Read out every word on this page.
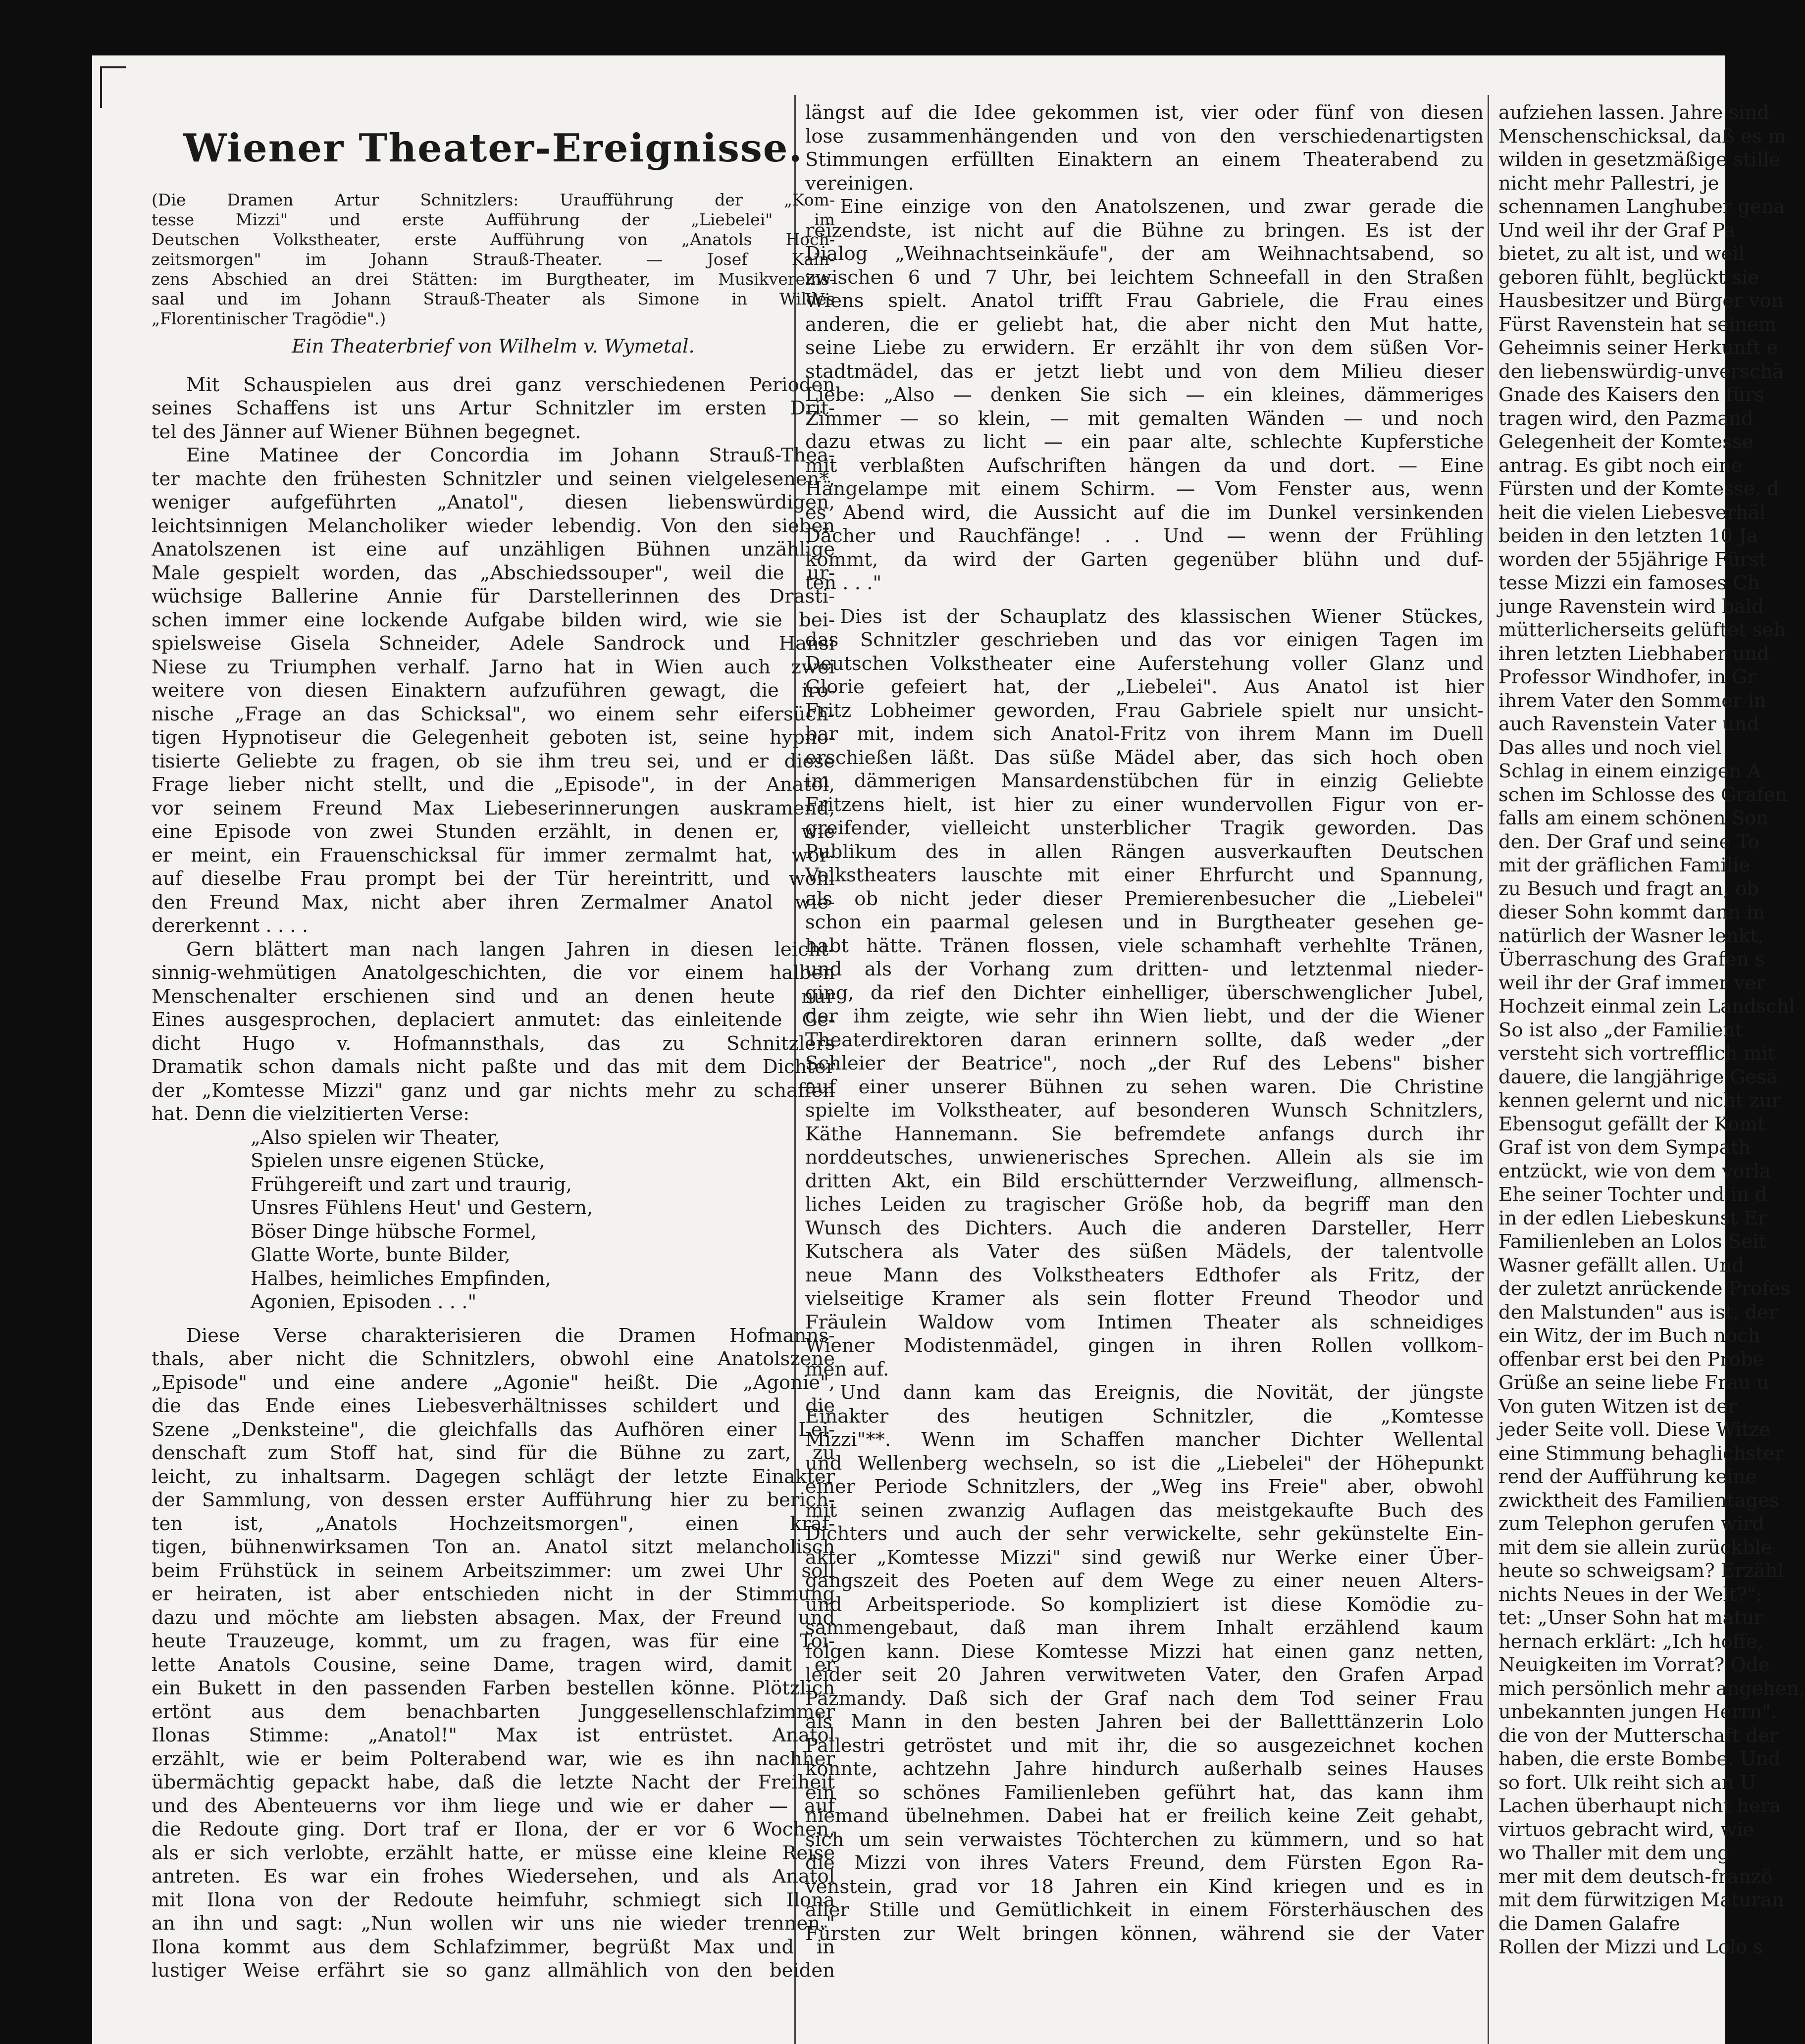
Wiener Theater-Ereignisse.
(Die Dramen Artur Schnitzlers: Uraufführung der „Kom-
tesse Mizzi" und erste Aufführung der „Liebelei" im
Deutschen Volkstheater, erste Aufführung von „Anatols Hoch-
zeitsmorgen" im Johann Strauß-Theater. — Josef Kain-
zens Abschied an drei Stätten: im Burgtheater, im Musikvereins-
saal und im Johann Strauß-Theater als Simone in Wildes
„Florentinischer Tragödie".)
Ein Theaterbrief von Wilhelm v. Wymetal.
Mit Schauspielen aus drei ganz verschiedenen Perioden
seines Schaffens ist uns Artur Schnitzler im ersten Drit-
tel des Jänner auf Wiener Bühnen begegnet.
Eine Matinee der Concordia im Johann Strauß-Thea-
ter machte den frühesten Schnitzler und seinen vielgelesenen*,
weniger aufgeführten „Anatol", diesen liebenswürdigen,
leichtsinnigen Melancholiker wieder lebendig. Von den sieben
Anatolszenen ist eine auf unzähligen Bühnen unzählige
Male gespielt worden, das „Abschiedssouper", weil die ur-
wüchsige Ballerine Annie für Darstellerinnen des Drasti-
schen immer eine lockende Aufgabe bilden wird, wie sie bei-
spielsweise Gisela Schneider, Adele Sandrock und Hansi
Niese zu Triumphen verhalf. Jarno hat in Wien auch zwei
weitere von diesen Einaktern aufzuführen gewagt, die iro-
nische „Frage an das Schicksal", wo einem sehr eifersüch-
tigen Hypnotiseur die Gelegenheit geboten ist, seine hypno-
tisierte Geliebte zu fragen, ob sie ihm treu sei, und er diese
Frage lieber nicht stellt, und die „Episode", in der Anatol,
vor seinem Freund Max Liebeserinnerungen auskramend,
eine Episode von zwei Stunden erzählt, in denen er, wie
er meint, ein Frauenschicksal für immer zermalmt hat, wor-
auf dieselbe Frau prompt bei der Tür hereintritt, und wohl
den Freund Max, nicht aber ihren Zermalmer Anatol wie-
dererkennt . . . .
Gern blättert man nach langen Jahren in diesen leicht-
sinnig-wehmütigen Anatolgeschichten, die vor einem halben
Menschenalter erschienen sind und an denen heute nur
Eines ausgesprochen, deplaciert anmutet: das einleitende Ge-
dicht Hugo v. Hofmannsthals, das zu Schnitzlers
Dramatik schon damals nicht paßte und das mit dem Dichter
der „Komtesse Mizzi" ganz und gar nichts mehr zu schaffen
hat. Denn die vielzitierten Verse:
„Also spielen wir Theater,
Spielen unsre eigenen Stücke,
Frühgereift und zart und traurig,
Unsres Fühlens Heut' und Gestern,
Böser Dinge hübsche Formel,
Glatte Worte, bunte Bilder,
Halbes, heimliches Empfinden,
Agonien, Episoden . . ."
Diese Verse charakterisieren die Dramen Hofmanns-
thals, aber nicht die Schnitzlers, obwohl eine Anatolszene
„Episode" und eine andere „Agonie" heißt. Die „Agonie",
die das Ende eines Liebesverhältnisses schildert und die
Szene „Denksteine", die gleichfalls das Aufhören einer Lei-
denschaft zum Stoff hat, sind für die Bühne zu zart, zu
leicht, zu inhaltsarm. Dagegen schlägt der letzte Einakter
der Sammlung, von dessen erster Aufführung hier zu berich-
ten ist, „Anatols Hochzeitsmorgen", einen kräf-
tigen, bühnenwirksamen Ton an. Anatol sitzt melancholisch
beim Frühstück in seinem Arbeitszimmer: um zwei Uhr soll
er heiraten, ist aber entschieden nicht in der Stimmung
dazu und möchte am liebsten absagen. Max, der Freund und
heute Trauzeuge, kommt, um zu fragen, was für eine Toi-
lette Anatols Cousine, seine Dame, tragen wird, damit er
ein Bukett in den passenden Farben bestellen könne. Plötzlich
ertönt aus dem benachbarten Junggesellenschlafzimmer
Ilonas Stimme: „Anatol!" Max ist entrüstet. Anatol
erzählt, wie er beim Polterabend war, wie es ihn nachher
übermächtig gepackt habe, daß die letzte Nacht der Freiheit
und des Abenteuerns vor ihm liege und wie er daher — auf
die Redoute ging. Dort traf er Ilona, der er vor 6 Wochen,
als er sich verlobte, erzählt hatte, er müsse eine kleine Reise
antreten. Es war ein frohes Wiedersehen, und als Anatol
mit Ilona von der Redoute heimfuhr, schmiegt sich Ilona
an ihn und sagt: „Nun wollen wir uns nie wieder trennen."
Ilona kommt aus dem Schlafzimmer, begrüßt Max und in
lustiger Weise erfährt sie so ganz allmählich von den beiden
längst auf die Idee gekommen ist, vier oder fünf von diesen
lose zusammenhängenden und von den verschiedenartigsten
Stimmungen erfüllten Einaktern an einem Theaterabend zu
vereinigen.
Eine einzige von den Anatolszenen, und zwar gerade die
reizendste, ist nicht auf die Bühne zu bringen. Es ist der
Dialog „Weihnachtseinkäufe", der am Weihnachtsabend, so
zwischen 6 und 7 Uhr, bei leichtem Schneefall in den Straßen
Wiens spielt. Anatol trifft Frau Gabriele, die Frau eines
anderen, die er geliebt hat, die aber nicht den Mut hatte,
seine Liebe zu erwidern. Er erzählt ihr von dem süßen Vor-
stadtmädel, das er jetzt liebt und von dem Milieu dieser
Liebe: „Also — denken Sie sich — ein kleines, dämmeriges
Zimmer — so klein, — mit gemalten Wänden — und noch
dazu etwas zu licht — ein paar alte, schlechte Kupferstiche
mit verblaßten Aufschriften hängen da und dort. — Eine
Hängelampe mit einem Schirm. — Vom Fenster aus, wenn
es Abend wird, die Aussicht auf die im Dunkel versinkenden
Dächer und Rauchfänge! . . Und — wenn der Frühling
kommt, da wird der Garten gegenüber blühn und duf-
ten . . ."
Dies ist der Schauplatz des klassischen Wiener Stückes,
das Schnitzler geschrieben und das vor einigen Tagen im
Deutschen Volkstheater eine Auferstehung voller Glanz und
Glorie gefeiert hat, der „Liebelei". Aus Anatol ist hier
Fritz Lobheimer geworden, Frau Gabriele spielt nur unsicht-
bar mit, indem sich Anatol-Fritz von ihrem Mann im Duell
erschießen läßt. Das süße Mädel aber, das sich hoch oben
im dämmerigen Mansardenstübchen für in einzig Geliebte
Fritzens hielt, ist hier zu einer wundervollen Figur von er-
greifender, vielleicht unsterblicher Tragik geworden. Das
Publikum des in allen Rängen ausverkauften Deutschen
Volkstheaters lauschte mit einer Ehrfurcht und Spannung,
als ob nicht jeder dieser Premierenbesucher die „Liebelei"
schon ein paarmal gelesen und in Burgtheater gesehen ge-
habt hätte. Tränen flossen, viele schamhaft verhehlte Tränen,
und als der Vorhang zum dritten- und letztenmal nieder-
ging, da rief den Dichter einhelliger, überschwenglicher Jubel,
der ihm zeigte, wie sehr ihn Wien liebt, und der die Wiener
Theaterdirektoren daran erinnern sollte, daß weder „der
Schleier der Beatrice", noch „der Ruf des Lebens" bisher
auf einer unserer Bühnen zu sehen waren. Die Christine
spielte im Volkstheater, auf besonderen Wunsch Schnitzlers,
Käthe Hannemann. Sie befremdete anfangs durch ihr
norddeutsches, unwienerisches Sprechen. Allein als sie im
dritten Akt, ein Bild erschütternder Verzweiflung, allmensch-
liches Leiden zu tragischer Größe hob, da begriff man den
Wunsch des Dichters. Auch die anderen Darsteller, Herr
Kutschera als Vater des süßen Mädels, der talentvolle
neue Mann des Volkstheaters Edthofer als Fritz, der
vielseitige Kramer als sein flotter Freund Theodor und
Fräulein Waldow vom Intimen Theater als schneidiges
Wiener Modistenmädel, gingen in ihren Rollen vollkom-
men auf.
Und dann kam das Ereignis, die Novität, der jüngste
Einakter des heutigen Schnitzler, die „Komtesse
Mizzi"**. Wenn im Schaffen mancher Dichter Wellental
und Wellenberg wechseln, so ist die „Liebelei" der Höhepunkt
einer Periode Schnitzlers, der „Weg ins Freie" aber, obwohl
mit seinen zwanzig Auflagen das meistgekaufte Buch des
Dichters und auch der sehr verwickelte, sehr gekünstelte Ein-
akter „Komtesse Mizzi" sind gewiß nur Werke einer Über-
gangszeit des Poeten auf dem Wege zu einer neuen Alters-
und Arbeitsperiode. So kompliziert ist diese Komödie zu-
sammengebaut, daß man ihrem Inhalt erzählend kaum
folgen kann. Diese Komtesse Mizzi hat einen ganz netten,
leider seit 20 Jahren verwitweten Vater, den Grafen Arpad
Pazmandy. Daß sich der Graf nach dem Tod seiner Frau
als Mann in den besten Jahren bei der Balletttänzerin Lolo
Pallestri getröstet und mit ihr, die so ausgezeichnet kochen
konnte, achtzehn Jahre hindurch außerhalb seines Hauses
ein so schönes Familienleben geführt hat, das kann ihm
niemand übelnehmen. Dabei hat er freilich keine Zeit gehabt,
sich um sein verwaistes Töchterchen zu kümmern, und so hat
die Mizzi von ihres Vaters Freund, dem Fürsten Egon Ra-
venstein, grad vor 18 Jahren ein Kind kriegen und es in
aller Stille und Gemütlichkeit in einem Försterhäuschen des
Fürsten zur Welt bringen können, während sie der Vater
aufziehen lassen. Jahre sind
Menschenschicksal, daß es m
wilden in gesetzmäßige stille
nicht mehr Pallestri, je
schennamen Langhuber gena
Und weil ihr der Graf Pa
bietet, zu alt ist, und weil
geboren fühlt, beglückt sie
Hausbesitzer und Bürger von
Fürst Ravenstein hat seinem
Geheimnis seiner Herkunft e
den liebenswürdig-unverschä
Gnade des Kaisers den fürs
tragen wird, den Pazmand
Gelegenheit der Komtesse
antrag. Es gibt noch eine
Fürsten und der Komtesse, d
heit die vielen Liebesverhäl
beiden in den letzten 10 Ja
worden der 55jährige Fürst
tesse Mizzi ein famoses Ch
junge Ravenstein wird bald
mütterlicherseits gelüftet seh
ihren letzten Liebhaber und
Professor Windhofer, in Gr
ihrem Vater den Sommer in
auch Ravenstein Vater und
Das alles und noch viel
Schlag in einem einzigen A
schen im Schlosse des Grafen
falls am einem schönen Son
den. Der Graf und seine To
mit der gräflichen Familie
zu Besuch und fragt an, ob
dieser Sohn kommt dann in
natürlich der Wasner lenkt,
Überraschung des Grafen s
weil ihr der Graf immer ver
Hochzeit einmal zein Landschl
So ist also „der Familient
versteht sich vortrefflich mit
dauere, die langjährige Gesä
kennen gelernt und nicht zur
Ebensogut gefällt der Komt
Graf ist von dem Sympath
entzückt, wie von dem vorla
Ehe seiner Tochter und in d
in der edlen Liebeskunst Er
Familienleben an Lolos Seit
Wasner gefällt allen. Und
der zuletzt anrückende Profes
den Malstunden" aus ist, der
ein Witz, der im Buch noch
offenbar erst bei den Probe
Grüße an seine liebe Frau u
Von guten Witzen ist der
jeder Seite voll. Diese Witze
eine Stimmung behaglichster
rend der Aufführung keine
zwicktheit des Familientages
zum Telephon gerufen wird
mit dem sie allein zurückble
heute so schweigsam? Erzähl
nichts Neues in der Welt?";
tet: „Unser Sohn hat matur
hernach erklärt: „Ich hoffe,
Neuigkeiten im Vorrat? Ode
mich persönlich mehr angehen,
unbekannten jungen Herrn".
die von der Mutterschaft der
haben, die erste Bombe. Und
so fort. Ulk reiht sich an U
Lachen überhaupt nicht hera
virtuos gebracht wird, wie
wo Thaller mit dem ung
mer mit dem deutsch-franzö
mit dem fürwitzigen Maturan
die Damen Galafre
Rollen der Mizzi und Lolo s
